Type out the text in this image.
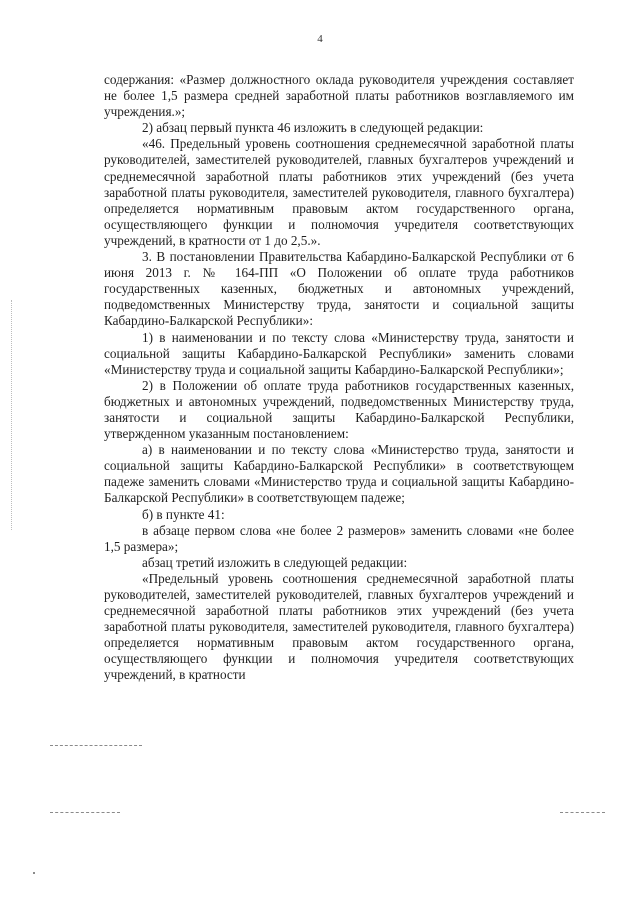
4

содержания: «Размер должностного оклада руководителя учреждения составляет не более 1,5 размера средней заработной платы работников возглавляемого им учреждения.»;

2) абзац первый пункта 46 изложить в следующей редакции:

«46. Предельный уровень соотношения среднемесячной заработной платы руководителей, заместителей руководителей, главных бухгалтеров учреждений и среднемесячной заработной платы работников этих учреждений (без учета заработной платы руководителя, заместителей руководителя, главного бухгалтера) определяется нормативным правовым актом государственного органа, осуществляющего функции и полномочия учредителя соответствующих учреждений, в кратности от 1 до 2,5.».

3. В постановлении Правительства Кабардино-Балкарской Республики от 6 июня 2013 г. № 164-ПП «О Положении об оплате труда работников государственных казенных, бюджетных и автономных учреждений, подведомственных Министерству труда, занятости и социальной защиты Кабардино-Балкарской Республики»:

1) в наименовании и по тексту слова «Министерству труда, занятости и социальной защиты Кабардино-Балкарской Республики» заменить словами «Министерству труда и социальной защиты Кабардино-Балкарской Республики»;

2) в Положении об оплате труда работников государственных казенных, бюджетных и автономных учреждений, подведомственных Министерству труда, занятости и социальной защиты Кабардино-Балкарской Республики, утвержденном указанным постановлением:

а) в наименовании и по тексту слова «Министерство труда, занятости и социальной защиты Кабардино-Балкарской Республики» в соответствующем падеже заменить словами «Министерство труда и социальной защиты Кабардино-Балкарской Республики» в соответствующем падеже;

б) в пункте 41:

в абзаце первом слова «не более 2 размеров» заменить словами «не более 1,5 размера»;

абзац третий изложить в следующей редакции:

«Предельный уровень соотношения среднемесячной заработной платы руководителей, заместителей руководителей, главных бухгалтеров учреждений и среднемесячной заработной платы работников этих учреждений (без учета заработной платы руководителя, заместителей руководителя, главного бухгалтера) определяется нормативным правовым актом государственного органа, осуществляющего функции и полномочия учредителя соответствующих учреждений, в кратности
